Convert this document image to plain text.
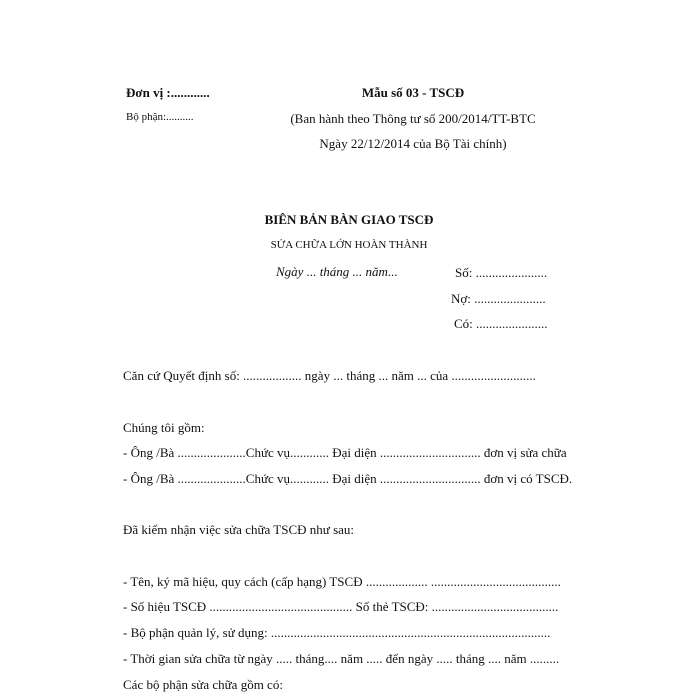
Đơn vị :............
Bộ phận:..........
Mẫu số 03 - TSCĐ
(Ban hành theo Thông tư số 200/2014/TT-BTC
Ngày 22/12/2014 của Bộ Tài chính)
BIÊN BẢN BÀN GIAO TSCĐ
SỬA CHỮA LỚN HOÀN THÀNH
Ngày ... tháng ... năm...	Số: ......................
Nợ: ......................
Có: ......................
Căn cứ Quyết định số: .................. ngày ... tháng ... năm ... của ..........................
Chúng tôi gồm:
- Ông /Bà .....................Chức vụ............ Đại diện ............................... đơn vị sửa chữa
- Ông /Bà .....................Chức vụ............ Đại diện ............................... đơn vị có TSCĐ.
Đã kiểm nhận việc sửa chữa TSCĐ như sau:
- Tên, ký mã hiệu, quy cách (cấp hạng) TSCĐ ................... ........................................
- Số hiệu TSCĐ ............................................ Số thẻ TSCĐ: .......................................
- Bộ phận quản lý, sử dụng: ......................................................................................
- Thời gian sửa chữa từ ngày ..... tháng.... năm ..... đến ngày ..... tháng .... năm .........
Các bộ phận sửa chữa gồm có:
